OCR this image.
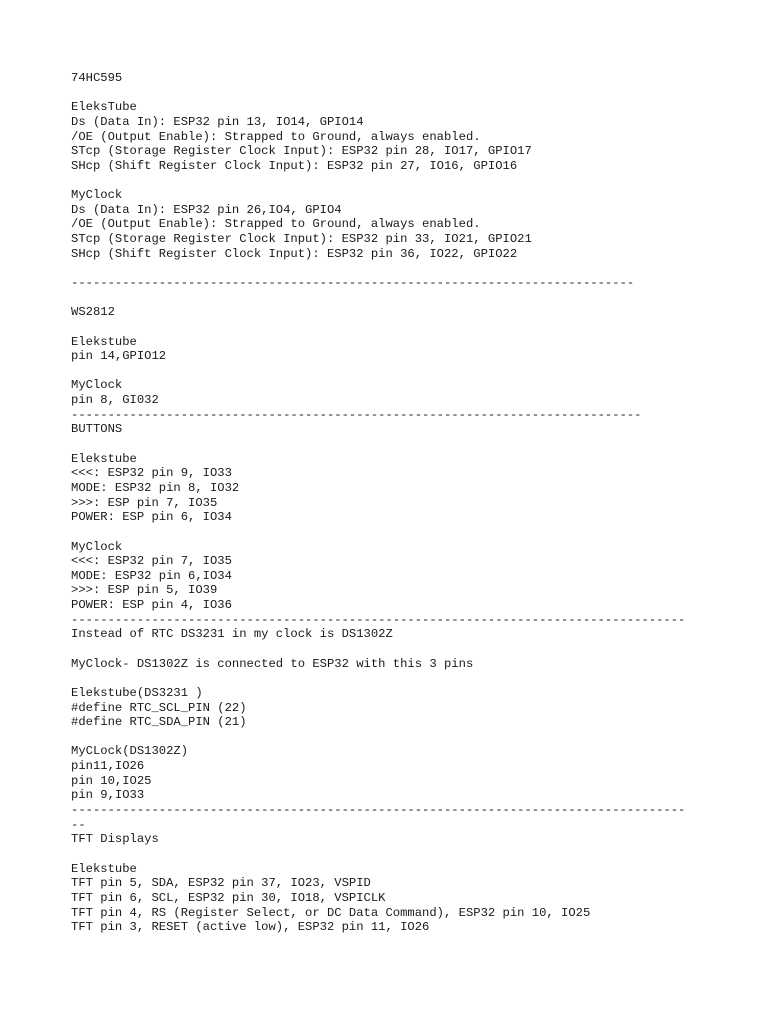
74HC595
EleksTube
Ds (Data In): ESP32 pin 13, IO14, GPIO14
/OE (Output Enable): Strapped to Ground, always enabled.
STcp (Storage Register Clock Input): ESP32 pin 28, IO17, GPIO17
SHcp (Shift Register Clock Input): ESP32 pin 27, IO16, GPIO16
MyClock
Ds (Data In): ESP32 pin 26,IO4, GPIO4
/OE (Output Enable): Strapped to Ground, always enabled.
STcp (Storage Register Clock Input): ESP32 pin 33, IO21, GPIO21
SHcp (Shift Register Clock Input): ESP32 pin 36, IO22, GPIO22
-----------------------------------------------------------------------------
WS2812
Elekstube
pin 14,GPIO12
MyClock
pin 8, GI032
------------------------------------------------------------------------------
BUTTONS
Elekstube
<<<: ESP32 pin 9, IO33
MODE: ESP32 pin 8, IO32
>>>: ESP pin 7, IO35
POWER: ESP pin 6, IO34
MyClock
<<<: ESP32 pin 7, IO35
MODE: ESP32 pin 6,IO34
>>>: ESP pin 5, IO39
POWER: ESP pin 4, IO36
------------------------------------------------------------------------------------
Instead of RTC DS3231 in my clock is DS1302Z
MyClock- DS1302Z is connected to ESP32 with this 3 pins
Elekstube(DS3231 )
#define RTC_SCL_PIN (22)
#define RTC_SDA_PIN (21)
MyCLock(DS1302Z)
pin11,IO26
pin 10,IO25
pin 9,IO33
------------------------------------------------------------------------------------
--
TFT Displays
Elekstube
TFT pin 5, SDA, ESP32 pin 37, IO23, VSPID
TFT pin 6, SCL, ESP32 pin 30, IO18, VSPICLK
TFT pin 4, RS (Register Select, or DC Data Command), ESP32 pin 10, IO25
TFT pin 3, RESET (active low), ESP32 pin 11, IO26
